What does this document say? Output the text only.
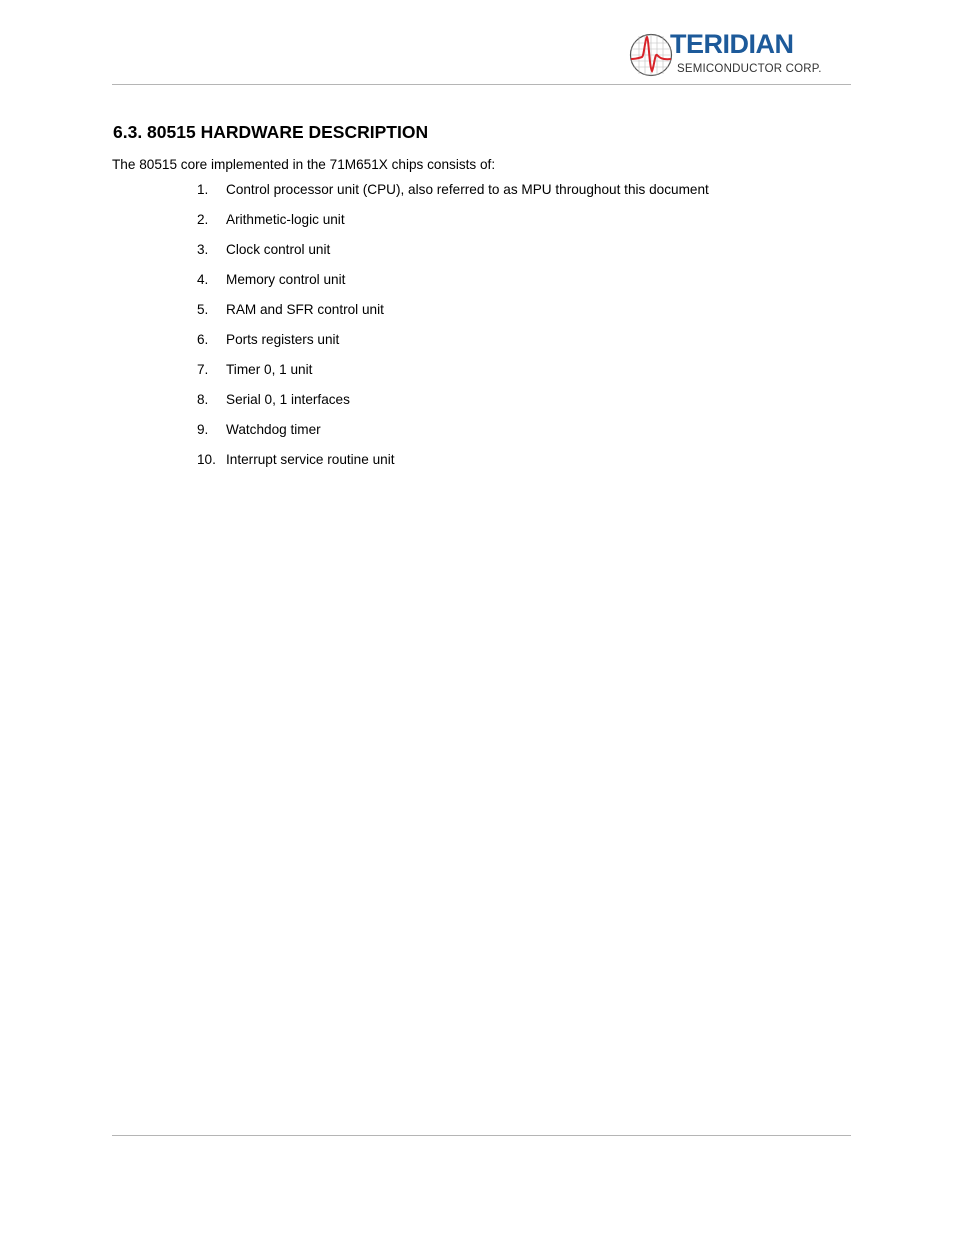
TERIDIAN
SEMICONDUCTOR CORP.
6.3. 80515 HARDWARE DESCRIPTION

The 80515 core implemented in the 71M651X chips consists of:

1. Control processor unit (CPU), also referred to as MPU throughout this document
2. Arithmetic-logic unit
3. Clock control unit
4. Memory control unit
5. RAM and SFR control unit
6. Ports registers unit
7. Timer 0, 1 unit
8. Serial 0, 1 interfaces
9. Watchdog timer
10. Interrupt service routine unit
